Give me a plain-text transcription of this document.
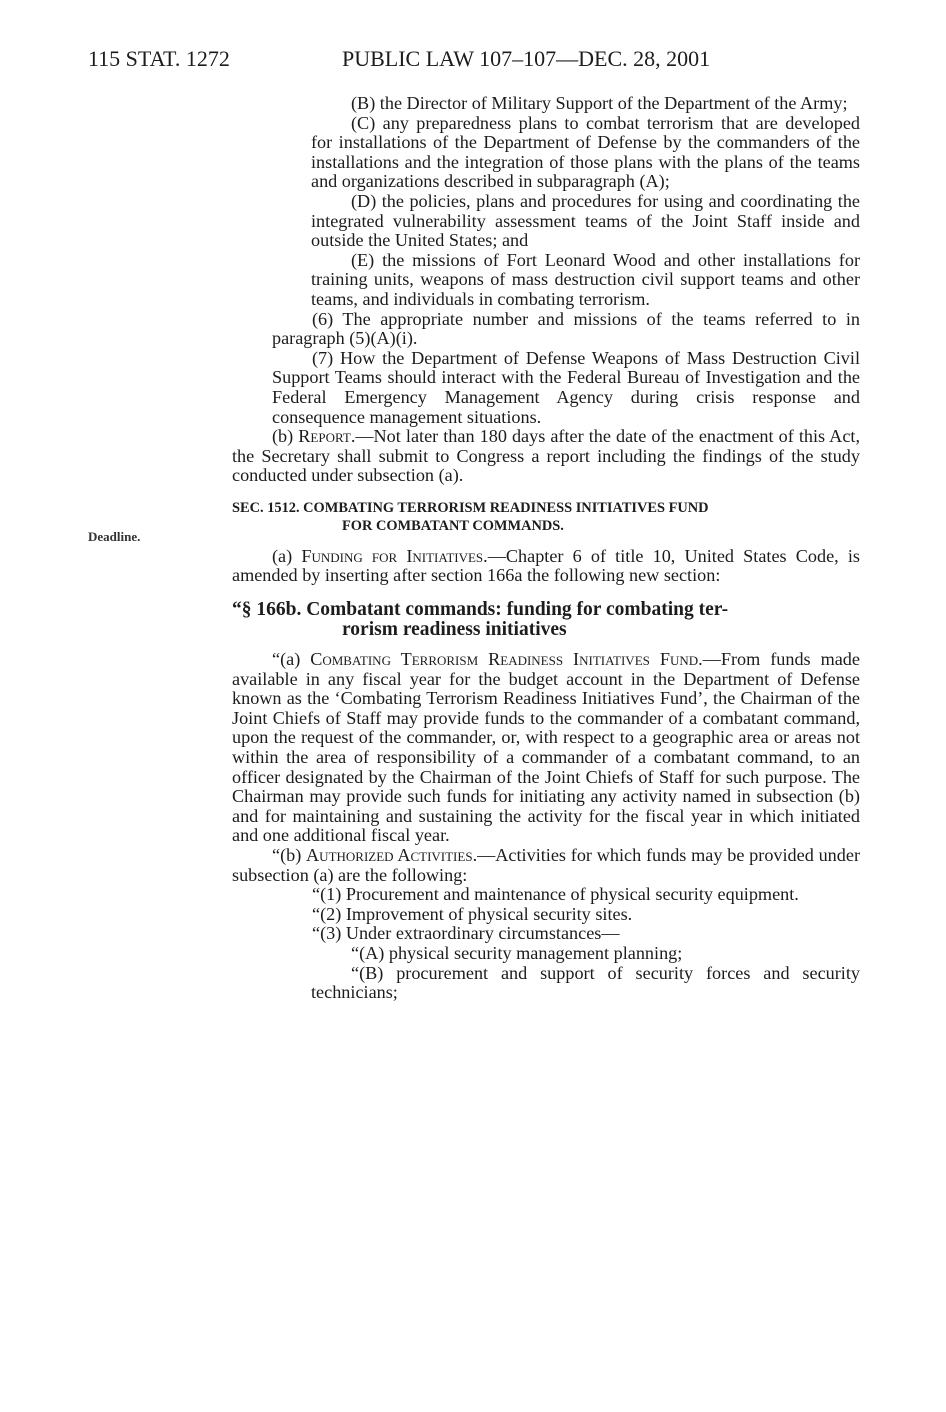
115 STAT. 1272	PUBLIC LAW 107–107—DEC. 28, 2001
Deadline.

(B) the Director of Military Support of the Department of the Army;

(C) any preparedness plans to combat terrorism that are developed for installations of the Department of Defense by the commanders of the installations and the integration of those plans with the plans of the teams and organizations described in subparagraph (A);

(D) the policies, plans and procedures for using and coordinating the integrated vulnerability assessment teams of the Joint Staff inside and outside the United States; and

(E) the missions of Fort Leonard Wood and other installations for training units, weapons of mass destruction civil support teams and other teams, and individuals in combating terrorism.

(6) The appropriate number and missions of the teams referred to in paragraph (5)(A)(i).

(7) How the Department of Defense Weapons of Mass Destruction Civil Support Teams should interact with the Federal Bureau of Investigation and the Federal Emergency Management Agency during crisis response and consequence management situations.

(b) Report.—Not later than 180 days after the date of the enactment of this Act, the Secretary shall submit to Congress a report including the findings of the study conducted under subsection (a).

SEC. 1512. COMBATING TERRORISM READINESS INITIATIVES FUND
FOR COMBATANT COMMANDS.

(a) Funding for Initiatives.—Chapter 6 of title 10, United States Code, is amended by inserting after section 166a the following new section:

“§ 166b. Combatant commands: funding for combating ter-
rorism readiness initiatives

“(a) Combating Terrorism Readiness Initiatives Fund.—From funds made available in any fiscal year for the budget account in the Department of Defense known as the ‘Combating Terrorism Readiness Initiatives Fund’, the Chairman of the Joint Chiefs of Staff may provide funds to the commander of a combatant command, upon the request of the commander, or, with respect to a geographic area or areas not within the area of responsibility of a commander of a combatant command, to an officer designated by the Chairman of the Joint Chiefs of Staff for such purpose. The Chairman may provide such funds for initiating any activity named in subsection (b) and for maintaining and sustaining the activity for the fiscal year in which initiated and one additional fiscal year.

“(b) Authorized Activities.—Activities for which funds may be provided under subsection (a) are the following:

“(1) Procurement and maintenance of physical security equipment.

“(2) Improvement of physical security sites.

“(3) Under extraordinary circumstances—

“(A) physical security management planning;

“(B) procurement and support of security forces and security technicians;
